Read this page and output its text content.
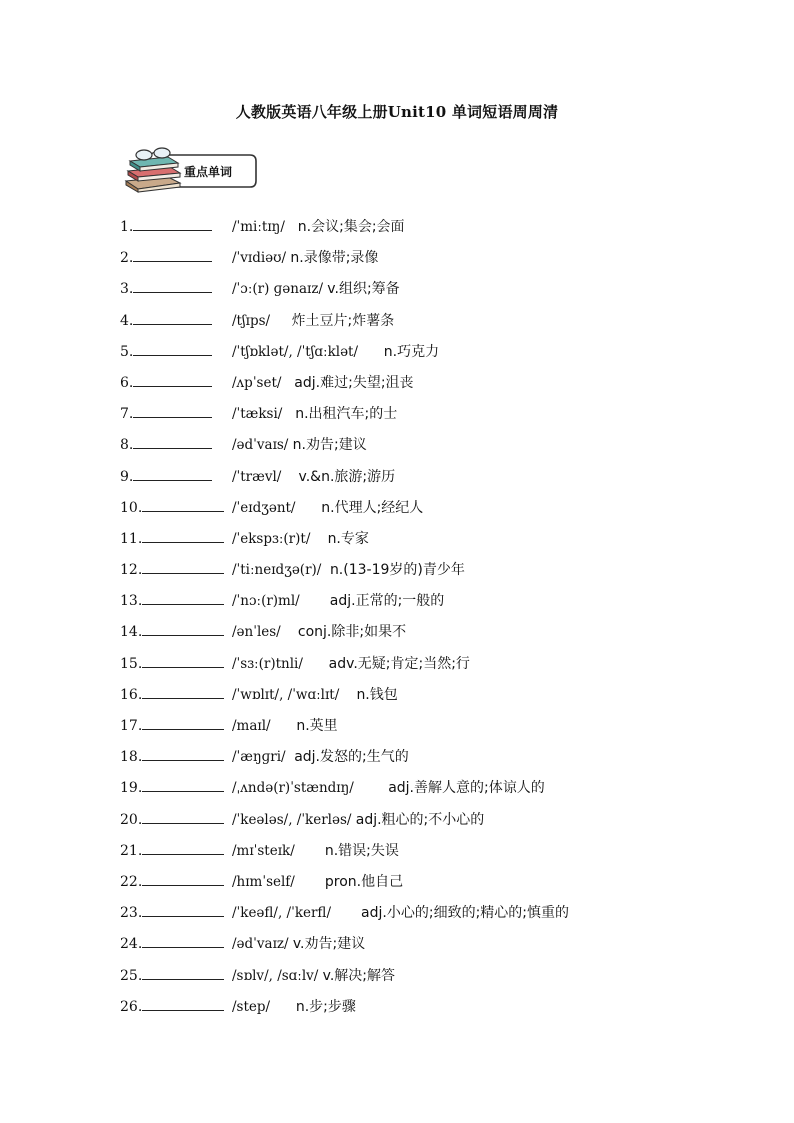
人教版英语八年级上册Unit10 单词短语周周清
重点单词
1.	/ˈmiːtɪŋ/ n.会议;集会;会面
2.	/ˈvɪdiəʊ/ n.录像带;录像
3.	/ˈɔː(r) ɡənaɪz/ v.组织;筹备
4.	/tʃɪps/ 炸土豆片;炸薯条
5.	/ˈtʃɒklət/, /ˈtʃɑːklət/ n.巧克力
6.	/ʌpˈset/ adj.难过;失望;沮丧
7.	/ˈtæksi/ n.出租汽车;的士
8.	/ədˈvaɪs/ n.劝告;建议
9.	/ˈtrævl/ v.&n.旅游;游历
10.	/ˈeɪdʒənt/ n.代理人;经纪人
11.	/ˈekspɜː(r)t/ n.专家
12.	/ˈtiːneɪdʒə(r)/ n.(13-19岁的)青少年
13.	/ˈnɔː(r)ml/ adj.正常的;一般的
14.	/ənˈles/ conj.除非;如果不
15.	/ˈsɜː(r)tnli/ adv.无疑;肯定;当然;行
16.	/ˈwɒlɪt/, /ˈwɑːlɪt/ n.钱包
17.	/maɪl/ n.英里
18.	/ˈæŋɡri/ adj.发怒的;生气的
19.	/ˌʌndə(r)ˈstændɪŋ/ adj.善解人意的;体谅人的
20.	/ˈkeələs/, /ˈkerləs/ adj.粗心的;不小心的
21.	/mɪˈsteɪk/ n.错误;失误
22.	/hɪmˈself/ pron.他自己
23.	/ˈkeəfl/, /ˈkerfl/ adj.小心的;细致的;精心的;慎重的
24.	/ədˈvaɪz/ v.劝告;建议
25.	/sɒlv/, /sɑːlv/ v.解决;解答
26.	/step/ n.步;步骤
